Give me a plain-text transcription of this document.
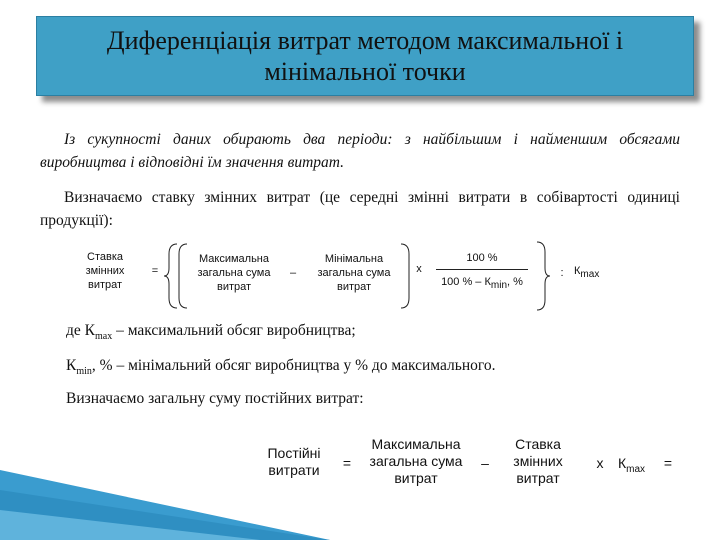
Диференціація витрат методом максимальної і
мінімальної точки
Із сукупності даних обирають два періоди: з найбільшим і найменшим обсягами виробництва і відповідні їм значення витрат.
Визначаємо ставку змінних витрат (це середні змінні витрати в собівартості одиниці продукції):
Ставка
змінних
витрат
=
Максимальна
загальна сума
витрат
–
Мінімальна
загальна сума
витрат
х
100 %
100 % – $К_{min}$, %
: $К_{max}$
де $К_{max}$ – максимальний обсяг виробництва;
$К_{min}$, % – мінімальний обсяг виробництва у % до максимального.
Визначаємо загальну суму постійних витрат:
Постійні
витрати	=
Максимальна
загальна сума
витрат
–
Ставка
змінних
витрат
х	$К_{max}$	=
